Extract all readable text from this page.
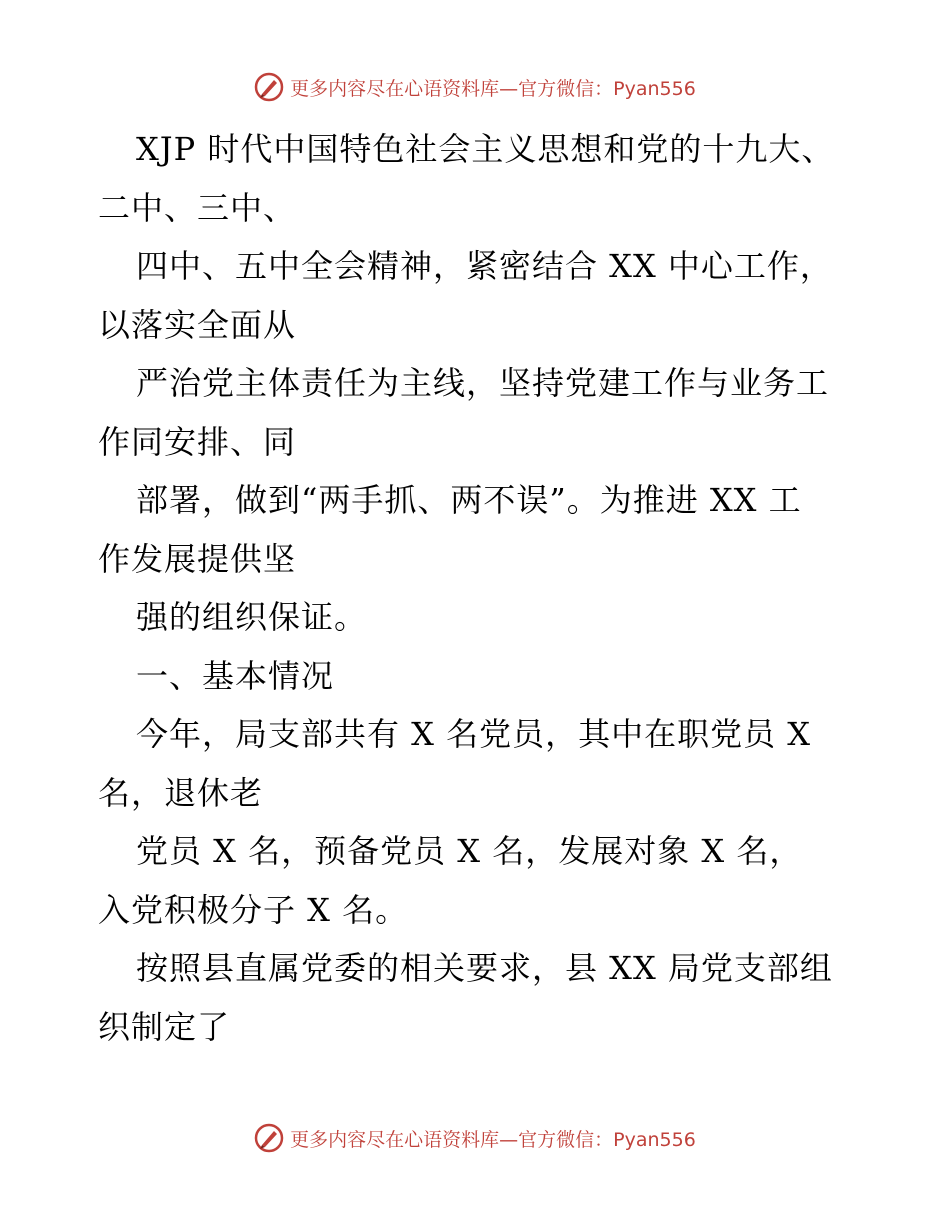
更多内容尽在心语资料库—官方微信：Pyan556
XJP 时代中国特色社会主义思想和党的十九大、
二中、三中、
四中、五中全会精神，紧密结合 XX 中心工作，
以落实全面从
严治党主体责任为主线，坚持党建工作与业务工
作同安排、同
部署，做到“两手抓、两不误”。为推进 XX 工
作发展提供坚
强的组织保证。
一、基本情况
今年，局支部共有 X 名党员，其中在职党员 X
名，退休老
党员 X 名，预备党员 X 名，发展对象 X 名，
入党积极分子 X 名。
按照县直属党委的相关要求，县 XX 局党支部组
织制定了
更多内容尽在心语资料库—官方微信：Pyan556
